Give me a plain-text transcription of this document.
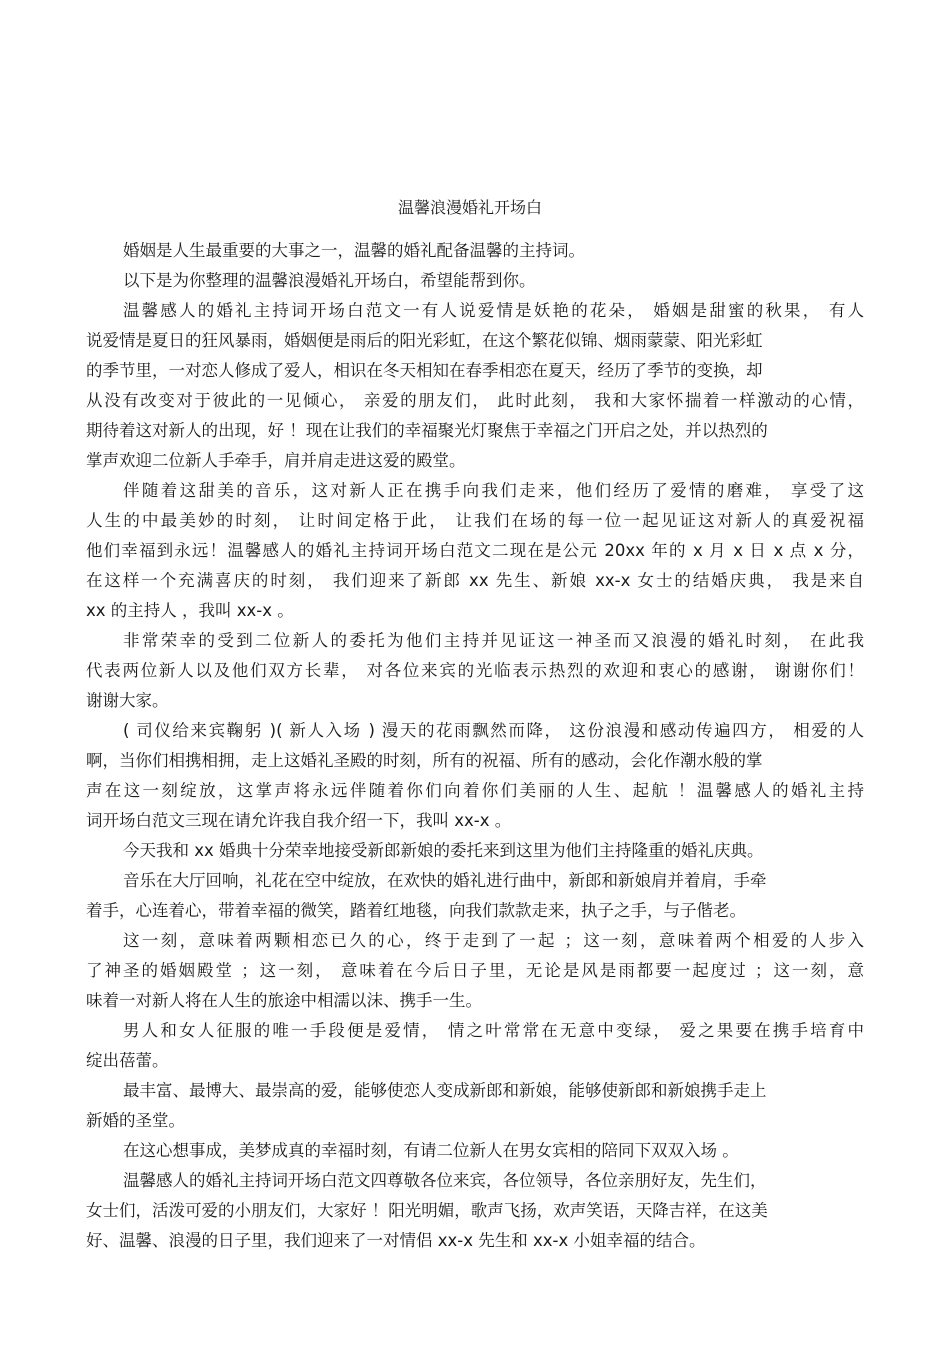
温馨浪漫婚礼开场白
婚姻是人生最重要的大事之一，温馨的婚礼配备温馨的主持词。
以下是为你整理的温馨浪漫婚礼开场白，希望能帮到你。
温馨感人的婚礼主持词开场白范文一有人说爱情是妖艳的花朵， 婚姻是甜蜜的秋果， 有人
说爱情是夏日的狂风暴雨，婚姻便是雨后的阳光彩虹，在这个繁花似锦、烟雨蒙蒙、阳光彩虹
的季节里，一对恋人修成了爱人，相识在冬天相知在春季相恋在夏天，经历了季节的变换，却
从没有改变对于彼此的一见倾心， 亲爱的朋友们， 此时此刻， 我和大家怀揣着一样激动的心情，
期待着这对新人的出现，好 ！现在让我们的幸福聚光灯聚焦于幸福之门开启之处，并以热烈的
掌声欢迎二位新人手牵手，肩并肩走进这爱的殿堂。
伴随着这甜美的音乐，这对新人正在携手向我们走来，他们经历了爱情的磨难， 享受了这
人生的中最美妙的时刻， 让时间定格于此， 让我们在场的每一位一起见证这对新人的真爱祝福
他们幸福到永远！温馨感人的婚礼主持词开场白范文二现在是公元 20xx 年的 x 月 x 日 x 点 x 分，
在这样一个充满喜庆的时刻， 我们迎来了新郎 xx 先生、新娘 xx-x 女士的结婚庆典， 我是来自
xx 的主持人 ，我叫 xx-x 。
非常荣幸的受到二位新人的委托为他们主持并见证这一神圣而又浪漫的婚礼时刻， 在此我
代表两位新人以及他们双方长辈， 对各位来宾的光临表示热烈的欢迎和衷心的感谢， 谢谢你们！
谢谢大家。
( 司仪给来宾鞠躬 )( 新人入场 ) 漫天的花雨飘然而降， 这份浪漫和感动传遍四方， 相爱的人
啊，当你们相携相拥，走上这婚礼圣殿的时刻，所有的祝福、所有的感动，会化作潮水般的掌
声在这一刻绽放，这掌声将永远伴随着你们向着你们美丽的人生、起航 ！温馨感人的婚礼主持
词开场白范文三现在请允许我自我介绍一下，我叫 xx-x 。
今天我和 xx 婚典十分荣幸地接受新郎新娘的委托来到这里为他们主持隆重的婚礼庆典。
音乐在大厅回响，礼花在空中绽放，在欢快的婚礼进行曲中，新郎和新娘肩并着肩，手牵
着手，心连着心，带着幸福的微笑，踏着红地毯，向我们款款走来，执子之手，与子偕老。
这一刻，意味着两颗相恋已久的心，终于走到了一起 ；这一刻，意味着两个相爱的人步入
了神圣的婚姻殿堂 ；这一刻， 意味着在今后日子里，无论是风是雨都要一起度过 ；这一刻，意
味着一对新人将在人生的旅途中相濡以沫、携手一生。
男人和女人征服的唯一手段便是爱情， 情之叶常常在无意中变绿， 爱之果要在携手培育中
绽出蓓蕾。
最丰富、最博大、最崇高的爱，能够使恋人变成新郎和新娘，能够使新郎和新娘携手走上
新婚的圣堂。
在这心想事成，美梦成真的幸福时刻，有请二位新人在男女宾相的陪同下双双入场 。
温馨感人的婚礼主持词开场白范文四尊敬各位来宾，各位领导，各位亲朋好友，先生们，
女士们，活泼可爱的小朋友们，大家好 ！阳光明媚，歌声飞扬，欢声笑语，天降吉祥，在这美
好、温馨、浪漫的日子里，我们迎来了一对情侣 xx-x 先生和 xx-x 小姐幸福的结合。
